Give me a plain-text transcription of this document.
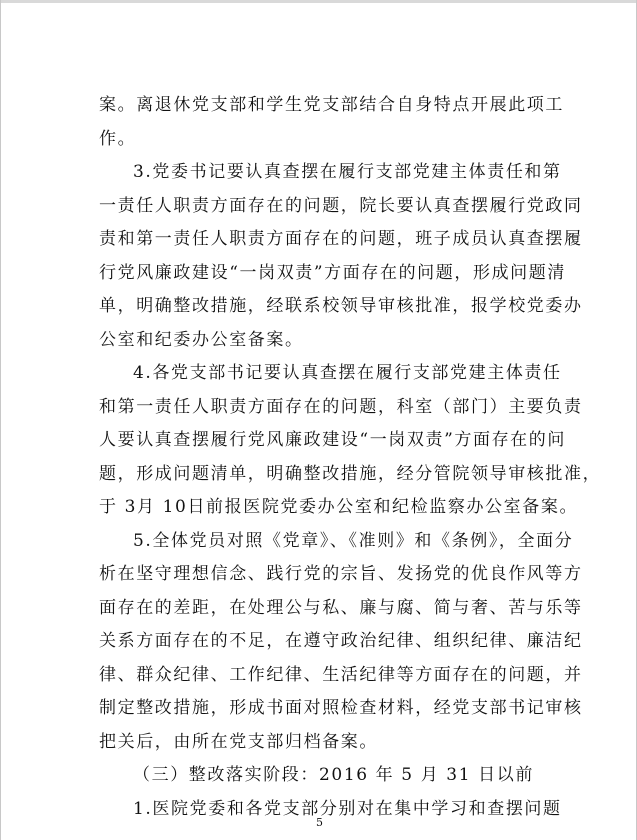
案。离退休党支部和学生党支部结合自身特点开展此项工
作。
3.党委书记要认真查摆在履行支部党建主体责任和第
一责任人职责方面存在的问题，院长要认真查摆履行党政同
责和第一责任人职责方面存在的问题，班子成员认真查摆履
行党风廉政建设“一岗双责”方面存在的问题，形成问题清
单，明确整改措施，经联系校领导审核批准，报学校党委办
公室和纪委办公室备案。
4.各党支部书记要认真查摆在履行支部党建主体责任
和第一责任人职责方面存在的问题，科室（部门）主要负责
人要认真查摆履行党风廉政建设“一岗双责”方面存在的问
题，形成问题清单，明确整改措施，经分管院领导审核批准，
于 3月 10日前报医院党委办公室和纪检监察办公室备案。
5.全体党员对照《党章》、《准则》和《条例》，全面分
析在坚守理想信念、践行党的宗旨、发扬党的优良作风等方
面存在的差距，在处理公与私、廉与腐、简与奢、苦与乐等
关系方面存在的不足，在遵守政治纪律、组织纪律、廉洁纪
律、群众纪律、工作纪律、生活纪律等方面存在的问题，并
制定整改措施，形成书面对照检查材料，经党支部书记审核
把关后，由所在党支部归档备案。
（三）整改落实阶段：2016 年 5 月 31 日以前
1.医院党委和各党支部分别对在集中学习和查摆问题
5
